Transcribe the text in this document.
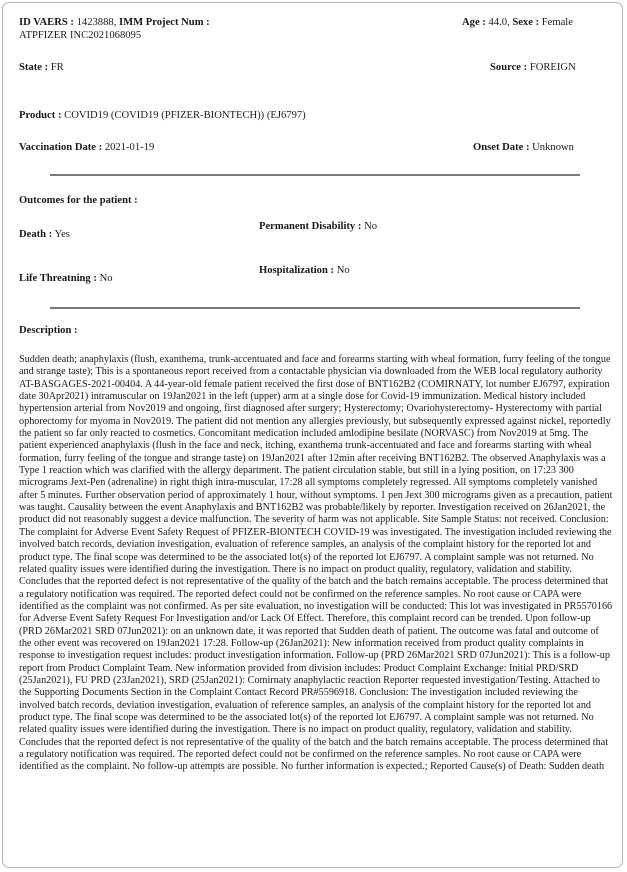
ID VAERS : 1423888, IMM Project Num :
ATPFIZER INC2021068095
Age : 44.0, Sexe : Female
State : FR	Source : FOREIGN
Product : COVID19 (COVID19 (PFIZER-BIONTECH)) (EJ6797)
Vaccination Date : 2021-01-19	Onset Date : Unknown
Outcomes for the patient :
Death : Yes
Permanent Disability : No
Life Threatning : No
Hospitalization : No
Description :
Sudden death; anaphylaxis (flush, exanthema, trunk-accentuated and face and forearms starting with wheal formation, furry feeling of the tongue and strange taste); This is a spontaneous report received from a contactable physician via downloaded from the WEB local regulatory authority AT-BASGAGES-2021-00404. A 44-year-old female patient received the first dose of BNT162B2 (COMIRNATY, lot number EJ6797, expiration date 30Apr2021) intramuscular on 19Jan2021 in the left (upper) arm at a single dose for Covid-19 immunization. Medical history included hypertension arterial from Nov2019 and ongoing, first diagnosed after surgery; Hysterectomy; Ovariohysterectomy- Hysterectomy with partial ophorectomy for myoma in Nov2019. The patient did not mention any allergies previously, but subsequently expressed against nickel, reportedly the patient so far only reacted to cosmetics. Concomitant medication included amlodipine besilate (NORVASC) from Nov2019 at 5mg. The patient experienced anaphylaxis (flush in the face and neck, itching, exanthema trunk-accentuated and face and forearms starting with wheal formation, furry feeling of the tongue and strange taste) on 19Jan2021 after 12min after receiving BNT162B2. The observed Anaphylaxis was a Type 1 reaction which was clarified with the allergy department. The patient circulation stable, but still in a lying position, on 17:23 300 micrograms Jext-Pen (adrenaline) in right thigh intra-muscular, 17:28 all symptoms completely regressed. All symptoms completely vanished after 5 minutes. Further observation period of approximately 1 hour, without symptoms. 1 pen Jext 300 micrograms given as a precaution, patient was taught. Causality between the event Anaphylaxis and BNT162B2 was probable/likely by reporter. Investigation received on 26Jan2021, the product did not reasonably suggest a device malfunction. The severity of harm was not applicable. Site Sample Status: not received. Conclusion: The complaint for Adverse Event Safety Request of PFIZER-BIONTECH COVID-19 was investigated. The investigation included reviewing the involved batch records, deviation investigation, evaluation of reference samples, an analysis of the complaint history for the reported lot and product type. The final scope was determined to be the associated lot(s) of the reported lot EJ6797. A complaint sample was not returned. No related quality issues were identified during the investigation. There is no impact on product quality, regulatory, validation and stability. Concludes that the reported defect is not representative of the quality of the batch and the batch remains acceptable. The process determined that a regulatory notification was required. The reported defect could not be confirmed on the reference samples. No root cause or CAPA were identified as the complaint was not confirmed. As per site evaluation, no investigation will be conducted: This lot was investigated in PR5570166 for Adverse Event Safety Request For Investigation and/or Lack Of Effect. Therefore, this complaint record can be trended. Upon follow-up (PRD 26Mar2021 SRD 07Jun2021): on an unknown date, it was reported that Sudden death of patient. The outcome was fatal and outcome of the other event was recovered on 19Jan2021 17:28. Follow-up (26Jan2021): New information received from product quality complaints in response to investigation request includes: product investigation information. Follow-up (PRD 26Mar2021 SRD 07Jun2021): This is a follow-up report from Product Complaint Team. New information provided from division includes: Product Complaint Exchange: Initial PRD/SRD (25Jan2021), FU PRD (23Jan2021), SRD (25Jan2021): Comirnaty anaphylactic reaction Reporter requested investigation/Testing. Attached to the Supporting Documents Section in the Complaint Contact Record PR#5596918. Conclusion: The investigation included reviewing the involved batch records, deviation investigation, evaluation of reference samples, an analysis of the complaint history for the reported lot and product type. The final scope was determined to be the associated lot(s) of the reported lot EJ6797. A complaint sample was not returned. No related quality issues were identified during the investigation. There is no impact on product quality, regulatory, validation and stability. Concludes that the reported defect is not representative of the quality of the batch and the batch remains acceptable. The process determined that a regulatory notification was required. The reported defect could not be confirmed on the reference samples. No root cause or CAPA were identified as the complaint. No follow-up attempts are possible. No further information is expected.; Reported Cause(s) of Death: Sudden death
